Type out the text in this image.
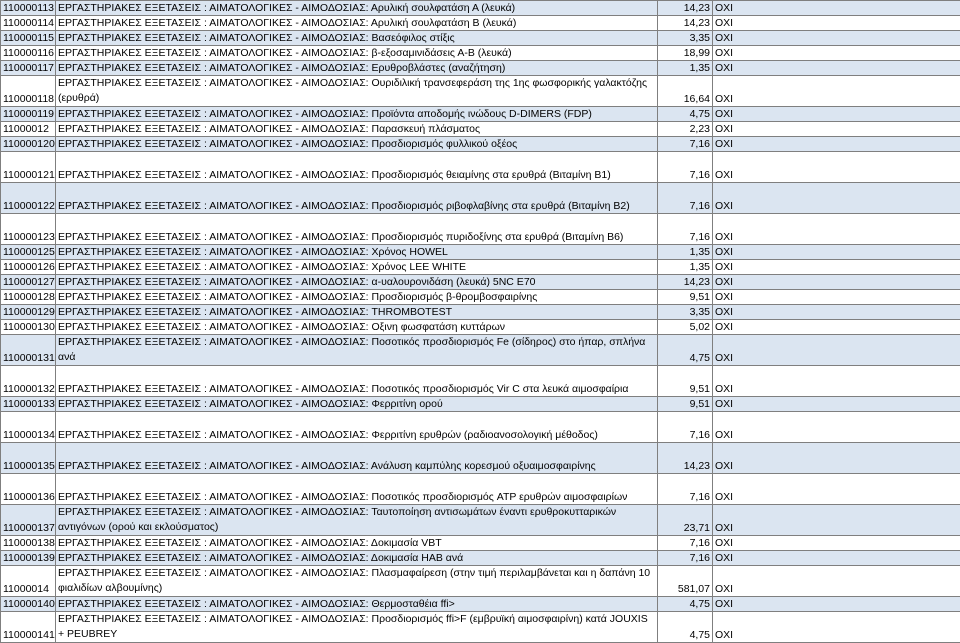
110000113	ΕΡΓΑΣΤΗΡΙΑΚΕΣ ΕΞΕΤΑΣΕΙΣ : ΑΙΜΑΤΟΛΟΓΙΚΕΣ - ΑΙΜΟΔΟΣΙΑΣ: Αρυλική σουλφατάση Α (λευκά)	14,23	ΟΧΙ
110000114	ΕΡΓΑΣΤΗΡΙΑΚΕΣ ΕΞΕΤΑΣΕΙΣ : ΑΙΜΑΤΟΛΟΓΙΚΕΣ - ΑΙΜΟΔΟΣΙΑΣ: Αρυλική σουλφατάση Β (λευκά)	14,23	ΟΧΙ
110000115	ΕΡΓΑΣΤΗΡΙΑΚΕΣ ΕΞΕΤΑΣΕΙΣ : ΑΙΜΑΤΟΛΟΓΙΚΕΣ - ΑΙΜΟΔΟΣΙΑΣ: Βασεόφιλος στίξις	3,35	ΟΧΙ
110000116	ΕΡΓΑΣΤΗΡΙΑΚΕΣ ΕΞΕΤΑΣΕΙΣ : ΑΙΜΑΤΟΛΟΓΙΚΕΣ - ΑΙΜΟΔΟΣΙΑΣ: β-εξοσαμινιδάσεις Α-Β (λευκά)	18,99	ΟΧΙ
110000117	ΕΡΓΑΣΤΗΡΙΑΚΕΣ ΕΞΕΤΑΣΕΙΣ : ΑΙΜΑΤΟΛΟΓΙΚΕΣ - ΑΙΜΟΔΟΣΙΑΣ: Ερυθροβλάστες (αναζήτηση)	1,35	ΟΧΙ
110000118	ΕΡΓΑΣΤΗΡΙΑΚΕΣ ΕΞΕΤΑΣΕΙΣ : ΑΙΜΑΤΟΛΟΓΙΚΕΣ - ΑΙΜΟΔΟΣΙΑΣ: Ουριδιλική τρανσεφεράση της 1ης φωσφορικής γαλακτόζης (ερυθρά)	16,64	ΟΧΙ
110000119	ΕΡΓΑΣΤΗΡΙΑΚΕΣ ΕΞΕΤΑΣΕΙΣ : ΑΙΜΑΤΟΛΟΓΙΚΕΣ - ΑΙΜΟΔΟΣΙΑΣ: Προϊόντα αποδομής ινώδους D-DIMERS (FDP)	4,75	ΟΧΙ
11000012	ΕΡΓΑΣΤΗΡΙΑΚΕΣ ΕΞΕΤΑΣΕΙΣ : ΑΙΜΑΤΟΛΟΓΙΚΕΣ - ΑΙΜΟΔΟΣΙΑΣ: Παρασκευή πλάσματος	2,23	ΟΧΙ
110000120	ΕΡΓΑΣΤΗΡΙΑΚΕΣ ΕΞΕΤΑΣΕΙΣ : ΑΙΜΑΤΟΛΟΓΙΚΕΣ - ΑΙΜΟΔΟΣΙΑΣ: Προσδιορισμός φυλλικού οξέος	7,16	ΟΧΙ
110000121	ΕΡΓΑΣΤΗΡΙΑΚΕΣ ΕΞΕΤΑΣΕΙΣ : ΑΙΜΑΤΟΛΟΓΙΚΕΣ - ΑΙΜΟΔΟΣΙΑΣ: Προσδιορισμός θειαμίνης στα ερυθρά (Βιταμίνη Β1)	7,16	ΟΧΙ
110000122	ΕΡΓΑΣΤΗΡΙΑΚΕΣ ΕΞΕΤΑΣΕΙΣ : ΑΙΜΑΤΟΛΟΓΙΚΕΣ - ΑΙΜΟΔΟΣΙΑΣ: Προσδιορισμός ριβοφλαβίνης στα ερυθρά (Βιταμίνη Β2)	7,16	ΟΧΙ
110000123	ΕΡΓΑΣΤΗΡΙΑΚΕΣ ΕΞΕΤΑΣΕΙΣ : ΑΙΜΑΤΟΛΟΓΙΚΕΣ - ΑΙΜΟΔΟΣΙΑΣ: Προσδιορισμός πυριδοξίνης στα ερυθρά (Βιταμίνη Β6)	7,16	ΟΧΙ
110000125	ΕΡΓΑΣΤΗΡΙΑΚΕΣ ΕΞΕΤΑΣΕΙΣ : ΑΙΜΑΤΟΛΟΓΙΚΕΣ - ΑΙΜΟΔΟΣΙΑΣ: Χρόνος HOWEL	1,35	ΟΧΙ
110000126	ΕΡΓΑΣΤΗΡΙΑΚΕΣ ΕΞΕΤΑΣΕΙΣ : ΑΙΜΑΤΟΛΟΓΙΚΕΣ - ΑΙΜΟΔΟΣΙΑΣ: Χρόνος LEE WHITE	1,35	ΟΧΙ
110000127	ΕΡΓΑΣΤΗΡΙΑΚΕΣ ΕΞΕΤΑΣΕΙΣ : ΑΙΜΑΤΟΛΟΓΙΚΕΣ - ΑΙΜΟΔΟΣΙΑΣ: α-υαλουρονιδάση (λευκά) 5NC E70	14,23	ΟΧΙ
110000128	ΕΡΓΑΣΤΗΡΙΑΚΕΣ ΕΞΕΤΑΣΕΙΣ : ΑΙΜΑΤΟΛΟΓΙΚΕΣ - ΑΙΜΟΔΟΣΙΑΣ: Προσδιορισμός β-θρομβοσφαιρίνης	9,51	ΟΧΙ
110000129	ΕΡΓΑΣΤΗΡΙΑΚΕΣ ΕΞΕΤΑΣΕΙΣ : ΑΙΜΑΤΟΛΟΓΙΚΕΣ - ΑΙΜΟΔΟΣΙΑΣ: THROMBOTEST	3,35	ΟΧΙ
110000130	ΕΡΓΑΣΤΗΡΙΑΚΕΣ ΕΞΕΤΑΣΕΙΣ : ΑΙΜΑΤΟΛΟΓΙΚΕΣ - ΑΙΜΟΔΟΣΙΑΣ: Οξινη φωσφατάση κυττάρων	5,02	ΟΧΙ
110000131	ΕΡΓΑΣΤΗΡΙΑΚΕΣ ΕΞΕΤΑΣΕΙΣ : ΑΙΜΑΤΟΛΟΓΙΚΕΣ - ΑΙΜΟΔΟΣΙΑΣ: Ποσοτικός προσδιορισμός Fe (σίδηρος) στο ήπαρ, σπλήνα ανά	4,75	ΟΧΙ
110000132	ΕΡΓΑΣΤΗΡΙΑΚΕΣ ΕΞΕΤΑΣΕΙΣ : ΑΙΜΑΤΟΛΟΓΙΚΕΣ - ΑΙΜΟΔΟΣΙΑΣ: Ποσοτικός προσδιορισμός Vir C στα λευκά αιμοσφαίρια	9,51	ΟΧΙ
110000133	ΕΡΓΑΣΤΗΡΙΑΚΕΣ ΕΞΕΤΑΣΕΙΣ : ΑΙΜΑΤΟΛΟΓΙΚΕΣ - ΑΙΜΟΔΟΣΙΑΣ: Φερριτίνη ορού	9,51	ΟΧΙ
110000134	ΕΡΓΑΣΤΗΡΙΑΚΕΣ ΕΞΕΤΑΣΕΙΣ : ΑΙΜΑΤΟΛΟΓΙΚΕΣ - ΑΙΜΟΔΟΣΙΑΣ: Φερριτίνη ερυθρών (ραδιοανοσολογική μέθοδος)	7,16	ΟΧΙ
110000135	ΕΡΓΑΣΤΗΡΙΑΚΕΣ ΕΞΕΤΑΣΕΙΣ : ΑΙΜΑΤΟΛΟΓΙΚΕΣ - ΑΙΜΟΔΟΣΙΑΣ: Ανάλυση καμπύλης κορεσμού οξυαιμοσφαιρίνης	14,23	ΟΧΙ
110000136	ΕΡΓΑΣΤΗΡΙΑΚΕΣ ΕΞΕΤΑΣΕΙΣ : ΑΙΜΑΤΟΛΟΓΙΚΕΣ - ΑΙΜΟΔΟΣΙΑΣ: Ποσοτικός προσδιορισμός ATP ερυθρών αιμοσφαιρίων	7,16	ΟΧΙ
110000137	ΕΡΓΑΣΤΗΡΙΑΚΕΣ ΕΞΕΤΑΣΕΙΣ : ΑΙΜΑΤΟΛΟΓΙΚΕΣ - ΑΙΜΟΔΟΣΙΑΣ: Ταυτοποίηση αντισωμάτων έναντι ερυθροκυτταρικών αντιγόνων (ορού και εκλούσματος)	23,71	ΟΧΙ
110000138	ΕΡΓΑΣΤΗΡΙΑΚΕΣ ΕΞΕΤΑΣΕΙΣ : ΑΙΜΑΤΟΛΟΓΙΚΕΣ - ΑΙΜΟΔΟΣΙΑΣ: Δοκιμασία VBT	7,16	ΟΧΙ
110000139	ΕΡΓΑΣΤΗΡΙΑΚΕΣ ΕΞΕΤΑΣΕΙΣ : ΑΙΜΑΤΟΛΟΓΙΚΕΣ - ΑΙΜΟΔΟΣΙΑΣ: Δοκιμασία HAB ανά	7,16	ΟΧΙ
11000014	ΕΡΓΑΣΤΗΡΙΑΚΕΣ ΕΞΕΤΑΣΕΙΣ : ΑΙΜΑΤΟΛΟΓΙΚΕΣ - ΑΙΜΟΔΟΣΙΑΣ: Πλασμαφαίρεση (στην τιμή περιλαμβάνεται και η δαπάνη 10 φιαλιδίων αλβουμίνης)	581,07	ΟΧΙ
110000140	ΕΡΓΑΣΤΗΡΙΑΚΕΣ ΕΞΕΤΑΣΕΙΣ : ΑΙΜΑΤΟΛΟΓΙΚΕΣ - ΑΙΜΟΔΟΣΙΑΣ: Θερμοσταθέια ffi>	4,75	ΟΧΙ
110000141	ΕΡΓΑΣΤΗΡΙΑΚΕΣ ΕΞΕΤΑΣΕΙΣ : ΑΙΜΑΤΟΛΟΓΙΚΕΣ - ΑΙΜΟΔΟΣΙΑΣ: Προσδιορισμός ffi>F (εμβρυϊκή αιμοσφαιρίνη) κατά JOUXIS + PEUBREY	4,75	ΟΧΙ
